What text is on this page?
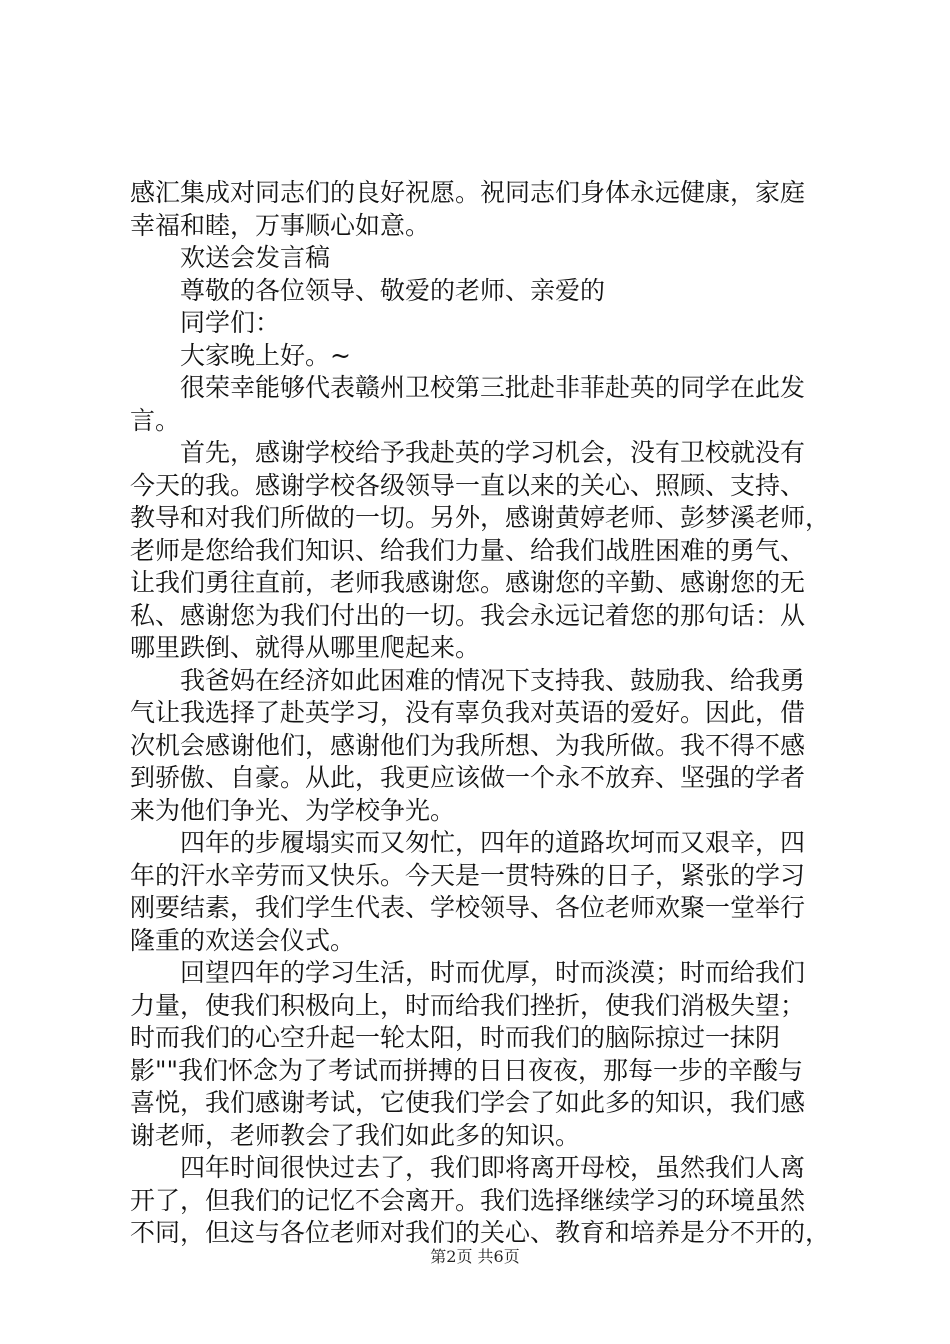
感汇集成对同志们的良好祝愿。祝同志们身体永远健康，家庭
幸福和睦，万事顺心如意。
欢送会发言稿
尊敬的各位领导、敬爱的老师、亲爱的
同学们：
大家晚上好。~
很荣幸能够代表赣州卫校第三批赴非菲赴英的同学在此发
言。
首先，感谢学校给予我赴英的学习机会，没有卫校就没有
今天的我。感谢学校各级领导一直以来的关心、照顾、支持、
教导和对我们所做的一切。另外，感谢黄婷老师、彭梦溪老师，
老师是您给我们知识、给我们力量、给我们战胜困难的勇气、
让我们勇往直前，老师我感谢您。感谢您的辛勤、感谢您的无
私、感谢您为我们付出的一切。我会永远记着您的那句话：从
哪里跌倒、就得从哪里爬起来。
我爸妈在经济如此困难的情况下支持我、鼓励我、给我勇
气让我选择了赴英学习，没有辜负我对英语的爱好。因此，借
次机会感谢他们，感谢他们为我所想、为我所做。我不得不感
到骄傲、自豪。从此，我更应该做一个永不放弃、坚强的学者
来为他们争光、为学校争光。
四年的步履塌实而又匆忙，四年的道路坎坷而又艰辛，四
年的汗水辛劳而又快乐。今天是一贯特殊的日子，紧张的学习
刚要结素，我们学生代表、学校领导、各位老师欢聚一堂举行
隆重的欢送会仪式。
回望四年的学习生活，时而优厚，时而淡漠；时而给我们
力量，使我们积极向上，时而给我们挫折，使我们消极失望；
时而我们的心空升起一轮太阳，时而我们的脑际掠过一抹阴
影""我们怀念为了考试而拼搏的日日夜夜，那每一步的辛酸与
喜悦，我们感谢考试，它使我们学会了如此多的知识，我们感
谢老师，老师教会了我们如此多的知识。
四年时间很快过去了，我们即将离开母校，虽然我们人离
开了，但我们的记忆不会离开。我们选择继续学习的环境虽然
不同，但这与各位老师对我们的关心、教育和培养是分不开的，
第2页 共6页
